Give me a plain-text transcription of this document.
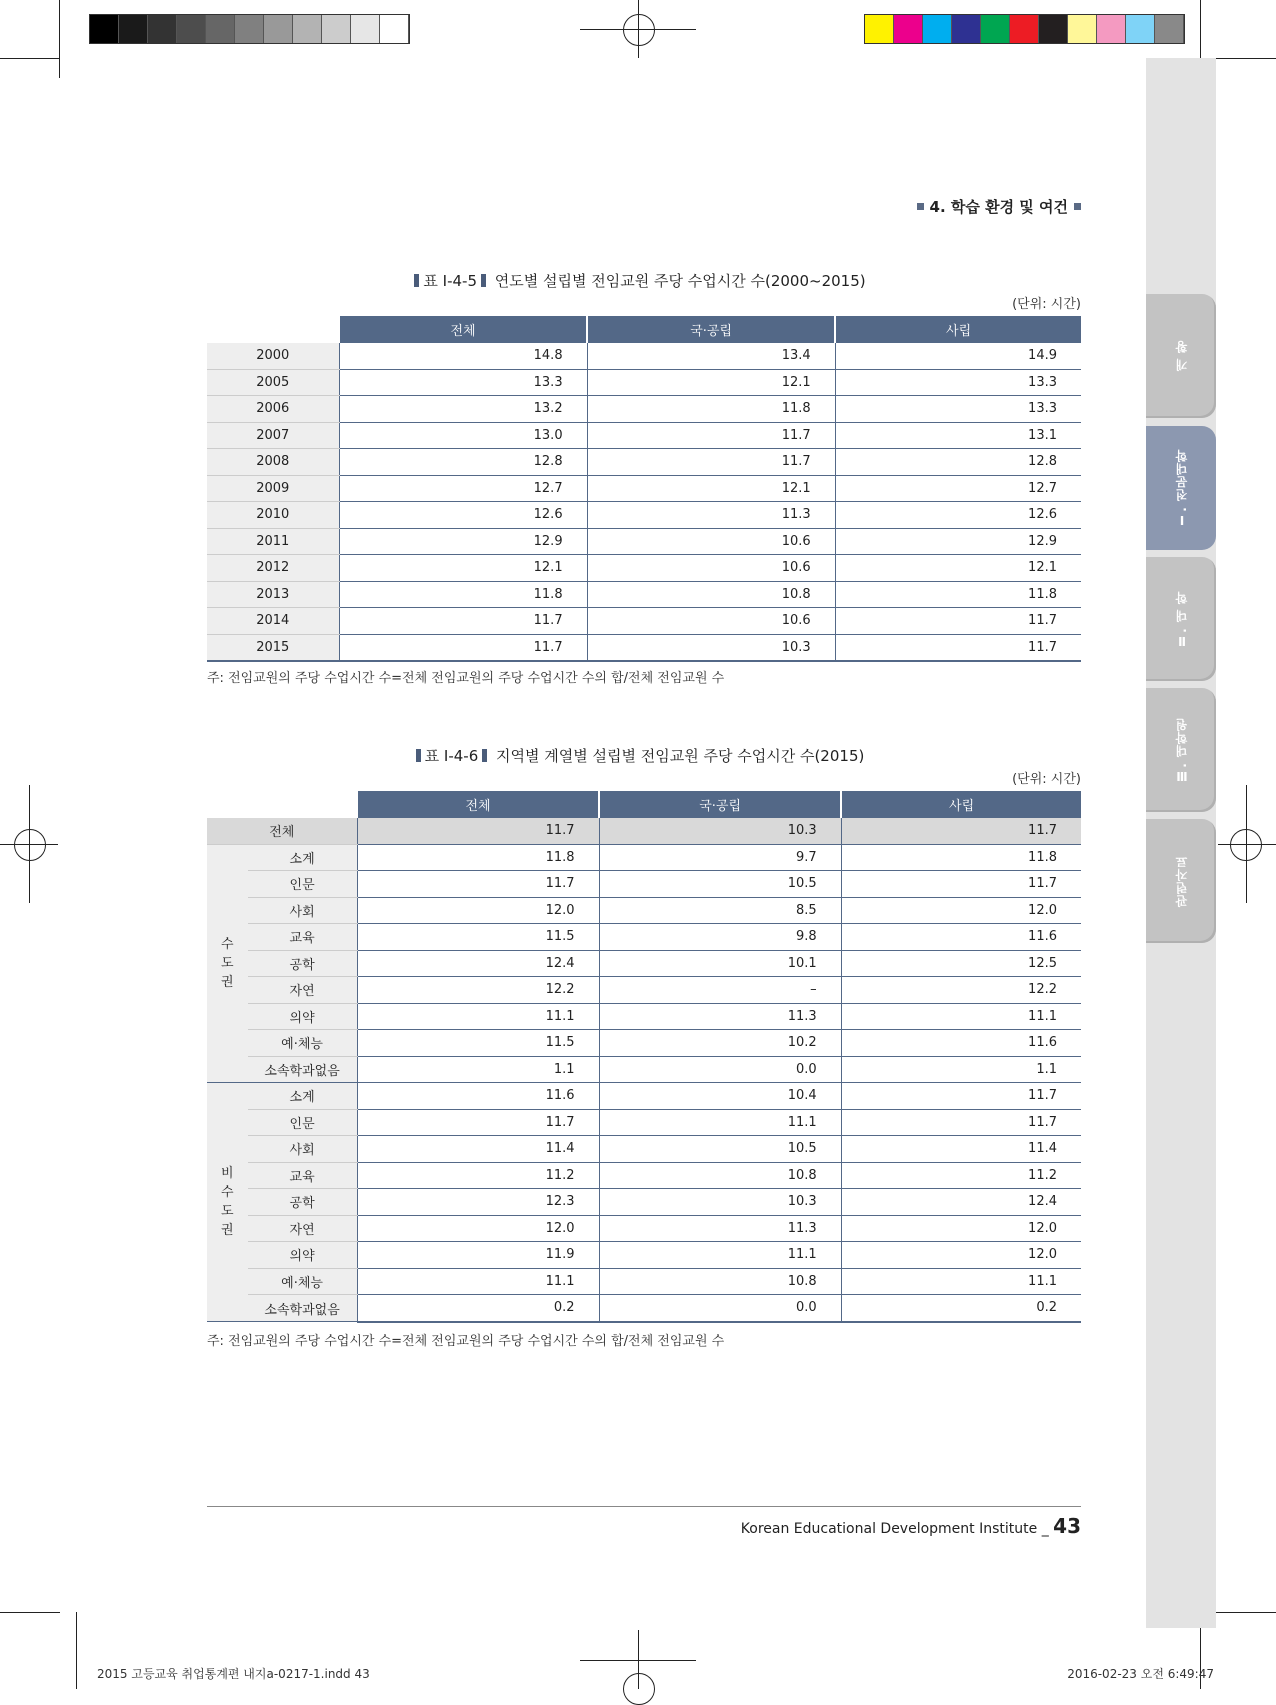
개 황
Ⅰ. 전문대학
Ⅱ. 대 학
Ⅲ. 대학원
관련자료
4. 학습 환경 및 여건
표 Ⅰ-4-5 연도별 설립별 전임교원 주당 수업시간 수(2000~2015)
(단위: 시간)
	전체	국·공립	사립
2000	14.8	13.4	14.9
2005	13.3	12.1	13.3
2006	13.2	11.8	13.3
2007	13.0	11.7	13.1
2008	12.8	11.7	12.8
2009	12.7	12.1	12.7
2010	12.6	11.3	12.6
2011	12.9	10.6	12.9
2012	12.1	10.6	12.1
2013	11.8	10.8	11.8
2014	11.7	10.6	11.7
2015	11.7	10.3	11.7
주: 전임교원의 주당 수업시간 수=전체 전임교원의 주당 수업시간 수의 합/전체 전임교원 수
표 Ⅰ-4-6 지역별 계열별 설립별 전임교원 주당 수업시간 수(2015)
(단위: 시간)
		전체	국·공립	사립
전체		11.7	10.3	11.7
수도권	소계	11.8	9.7	11.8
	인문	11.7	10.5	11.7
	사회	12.0	8.5	12.0
	교육	11.5	9.8	11.6
	공학	12.4	10.1	12.5
	자연	12.2	–	12.2
	의약	11.1	11.3	11.1
	예·체능	11.5	10.2	11.6
	소속학과없음	1.1	0.0	1.1
비수도권	소계	11.6	10.4	11.7
	인문	11.7	11.1	11.7
	사회	11.4	10.5	11.4
	교육	11.2	10.8	11.2
	공학	12.3	10.3	12.4
	자연	12.0	11.3	12.0
	의약	11.9	11.1	12.0
	예·체능	11.1	10.8	11.1
	소속학과없음	0.2	0.0	0.2
주: 전임교원의 주당 수업시간 수=전체 전임교원의 주당 수업시간 수의 합/전체 전임교원 수
Korean Educational Development Institute _ 43
2015 고등교육 취업통계편 내지a-0217-1.indd 43	2016-02-23 오전 6:49:47
